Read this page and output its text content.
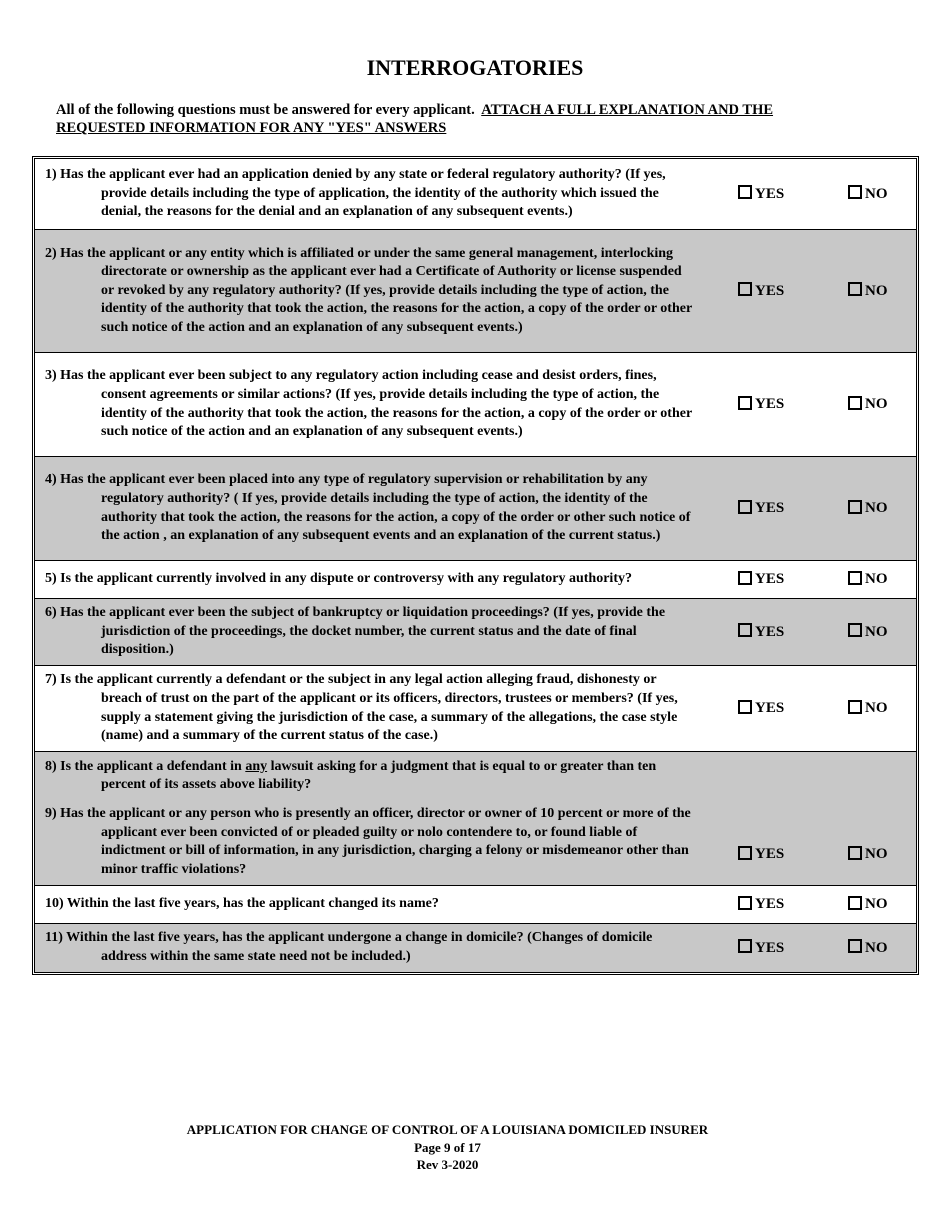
INTERROGATORIES
All of the following questions must be answered for every applicant. ATTACH A FULL EXPLANATION AND THE REQUESTED INFORMATION FOR ANY "YES" ANSWERS

1) Has the applicant ever had an application denied by any state or federal regulatory authority? (If yes, provide details including the type of application, the identity of the authority which issued the denial, the reasons for the denial and an explanation of any subsequent events.)

YES	NO

2) Has the applicant or any entity which is affiliated or under the same general management, interlocking directorate or ownership as the applicant ever had a Certificate of Authority or license suspended or revoked by any regulatory authority? (If yes, provide details including the type of action, the identity of the authority that took the action, the reasons for the action, a copy of the order or other such notice of the action and an explanation of any subsequent events.)

YES	NO

3) Has the applicant ever been subject to any regulatory action including cease and desist orders, fines, consent agreements or similar actions? (If yes, provide details including the type of action, the identity of the authority that took the action, the reasons for the action, a copy of the order or other such notice of the action and an explanation of any subsequent events.)

YES	NO

4) Has the applicant ever been placed into any type of regulatory supervision or rehabilitation by any regulatory authority? ( If yes, provide details including the type of action, the identity of the authority that took the action, the reasons for the action, a copy of the order or other such notice of the action , an explanation of any subsequent events and an explanation of the current status.)

YES	NO

5) Is the applicant currently involved in any dispute or controversy with any regulatory authority?	YES	NO

6) Has the applicant ever been the subject of bankruptcy or liquidation proceedings? (If yes, provide the jurisdiction of the proceedings, the docket number, the current status and the date of final disposition.)

YES	NO

7) Is the applicant currently a defendant or the subject in any legal action alleging fraud, dishonesty or breach of trust on the part of the applicant or its officers, directors, trustees or members? (If yes, supply a statement giving the jurisdiction of the case, a summary of the allegations, the case style (name) and a summary of the current status of the case.)

YES	NO

8) Is the applicant a defendant in any lawsuit asking for a judgment that is equal to or greater than ten percent of its assets above liability?

9) Has the applicant or any person who is presently an officer, director or owner of 10 percent or more of the applicant ever been convicted of or pleaded guilty or nolo contendere to, or found liable of indictment or bill of information, in any jurisdiction, charging a felony or misdemeanor other than minor traffic violations?

YES	NO

10) Within the last five years, has the applicant changed its name?	YES	NO

11) Within the last five years, has the applicant undergone a change in domicile? (Changes of domicile address within the same state need not be included.)

YES	NO
APPLICATION FOR CHANGE OF CONTROL OF A LOUISIANA DOMICILED INSURER
Page 9 of 17
Rev 3-2020
